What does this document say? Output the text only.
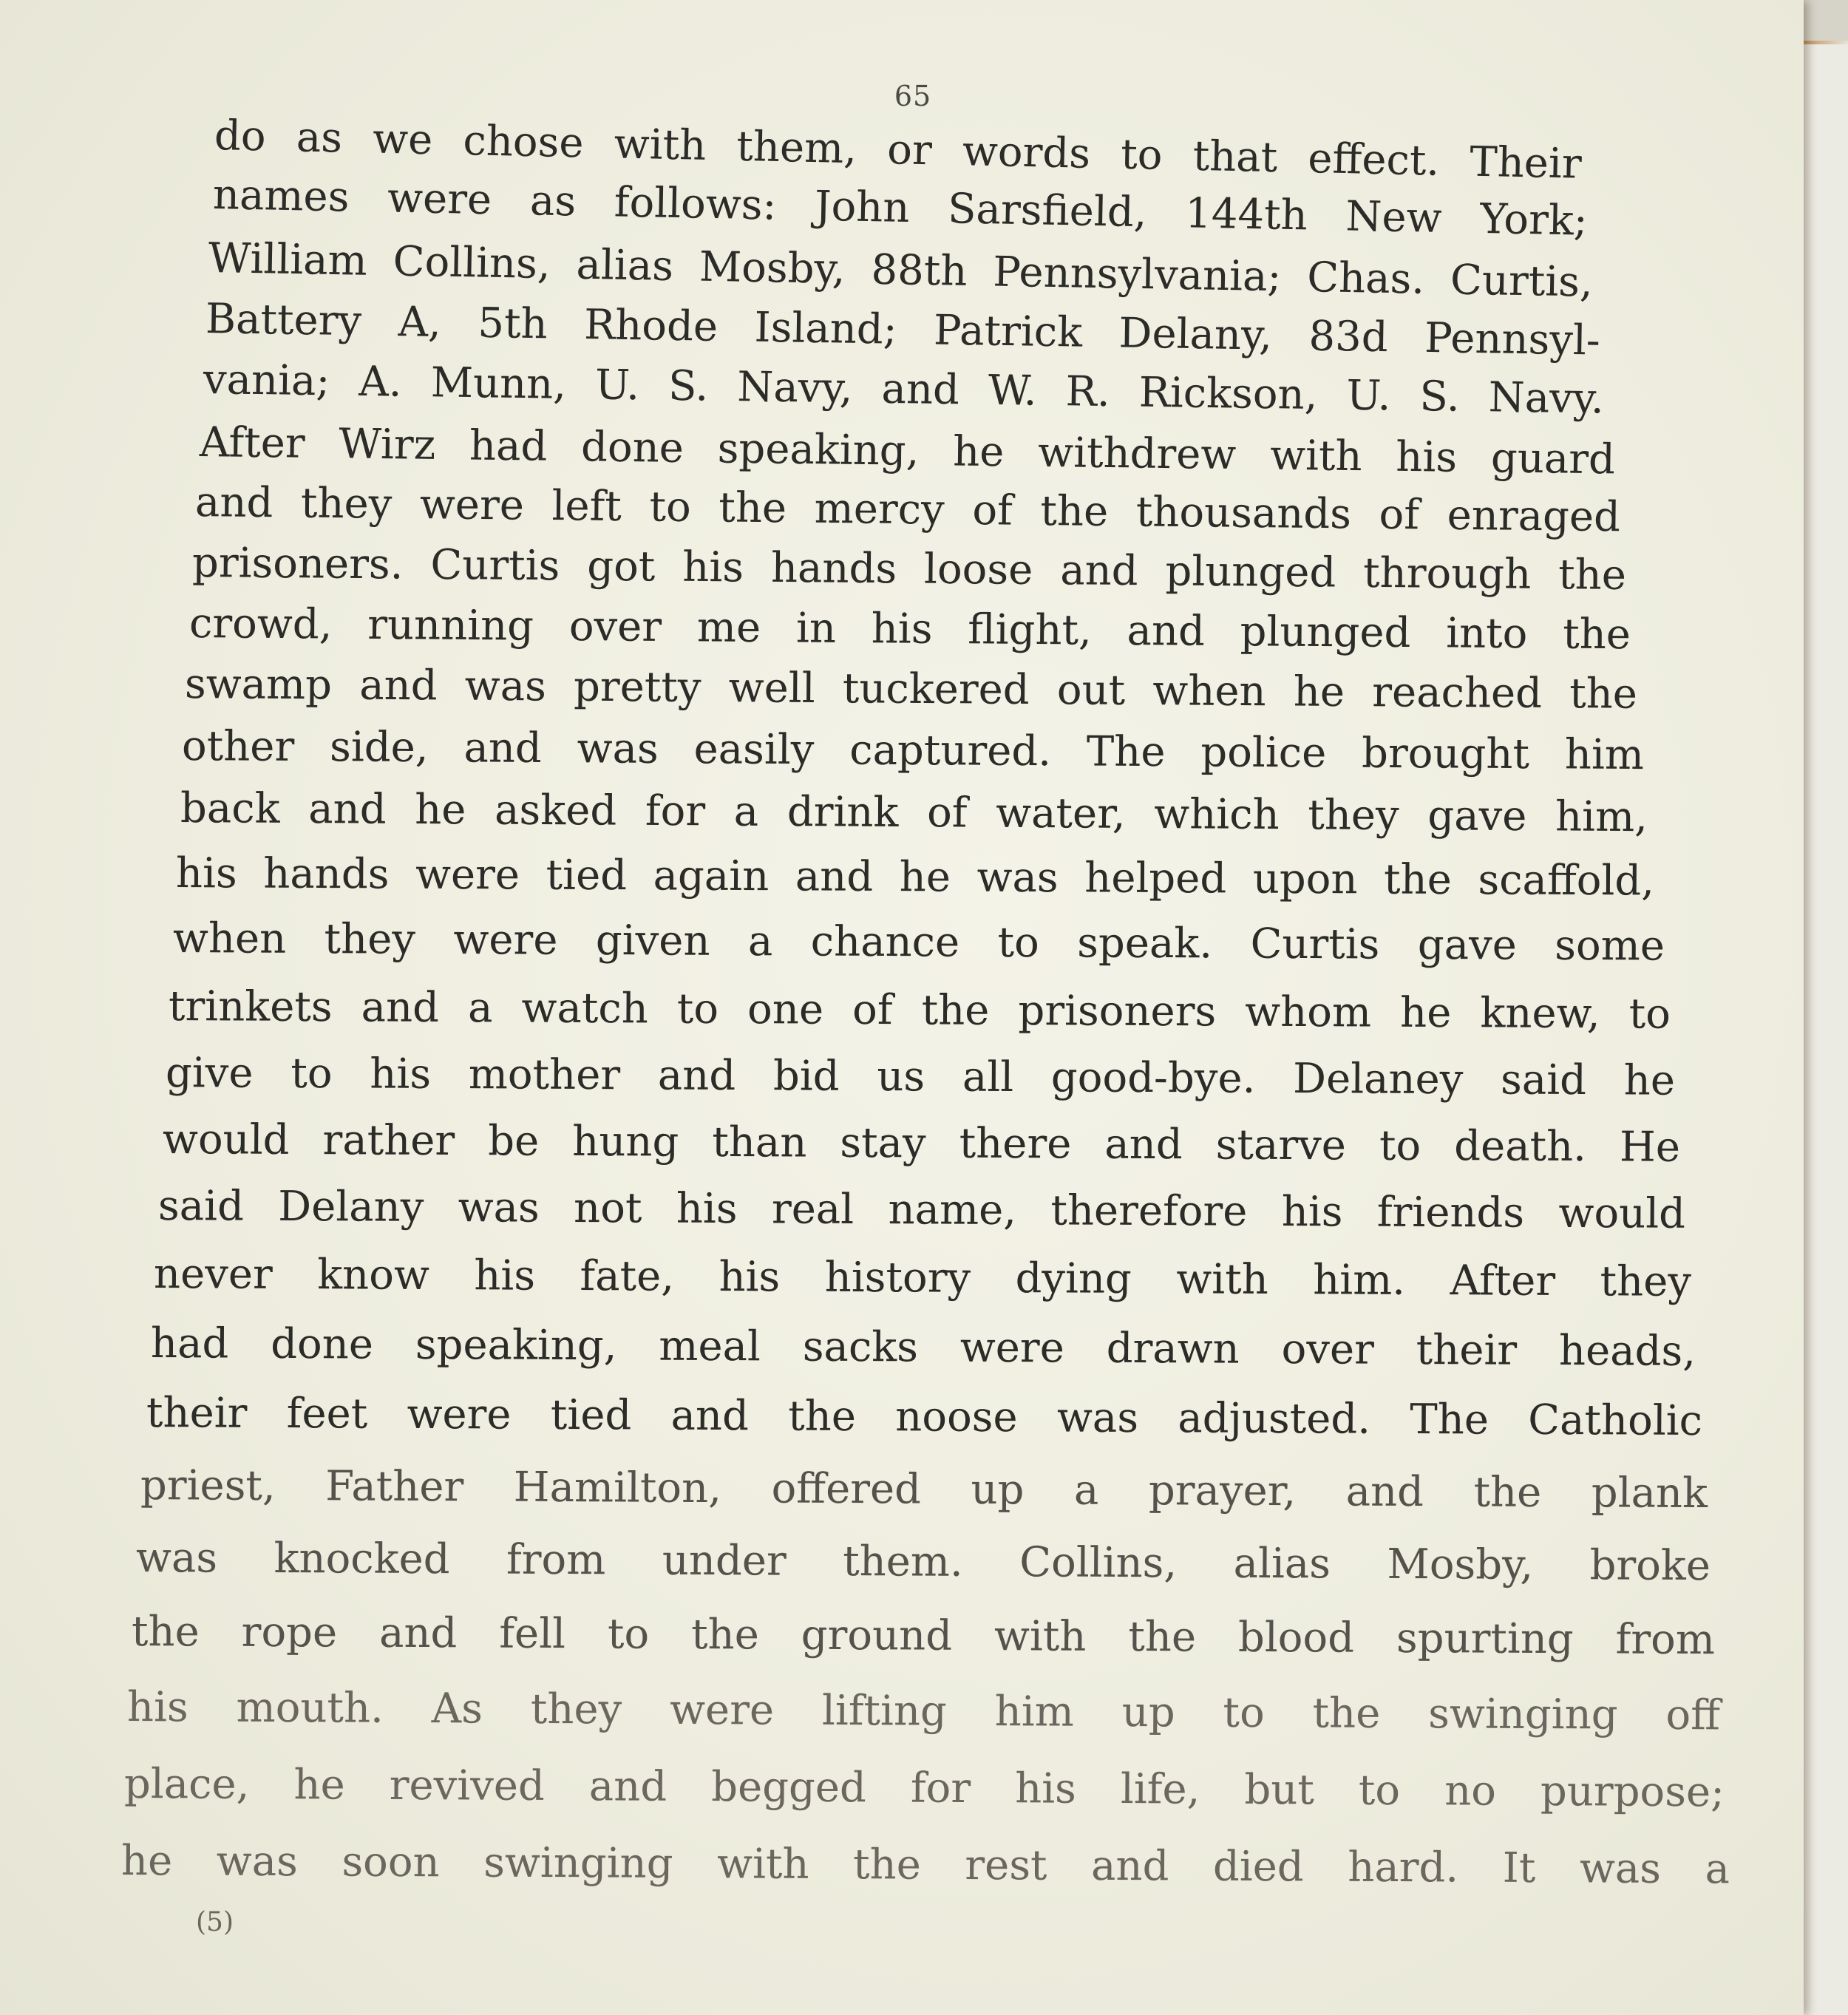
65

do as we chose with them, or words to that effect. Their

names were as follows: John Sarsfield, 144th New York;

William Collins, alias Mosby, 88th Pennsylvania; Chas. Curtis,

Battery A, 5th Rhode Island; Patrick Delany, 83d Pennsyl-

vania; A. Munn, U. S. Navy, and W. R. Rickson, U. S. Navy.

After Wirz had done speaking, he withdrew with his guard

and they were left to the mercy of the thousands of enraged

prisoners. Curtis got his hands loose and plunged through the

crowd, running over me in his flight, and plunged into the

swamp and was pretty well tuckered out when he reached the

other side, and was easily captured. The police brought him

back and he asked for a drink of water, which they gave him,

his hands were tied again and he was helped upon the scaffold,

when they were given a chance to speak. Curtis gave some

trinkets and a watch to one of the prisoners whom he knew, to

give to his mother and bid us all good-bye. Delaney said he

would rather be hung than stay there and starve to death. He

said Delany was not his real name, therefore his friends would

never know his fate, his history dying with him. After they

had done speaking, meal sacks were drawn over their heads,

their feet were tied and the noose was adjusted. The Catholic

priest, Father Hamilton, offered up a prayer, and the plank

was knocked from under them. Collins, alias Mosby, broke

the rope and fell to the ground with the blood spurting from

his mouth. As they were lifting him up to the swinging off

place, he revived and begged for his life, but to no purpose;

he was soon swinging with the rest and died hard. It was a

(5)
